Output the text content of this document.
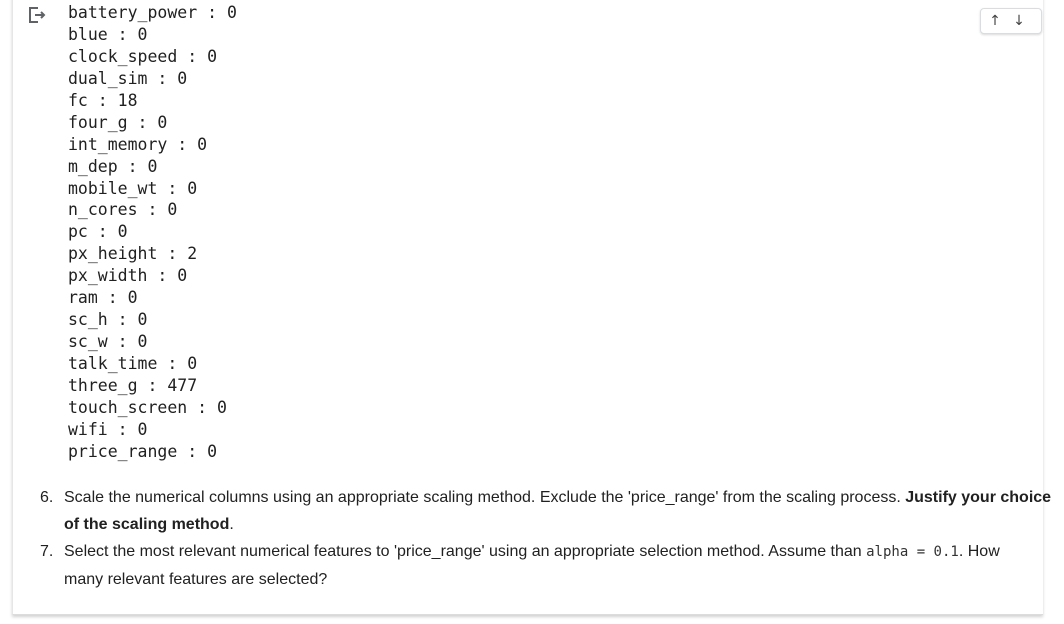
battery_power : 0
blue : 0
clock_speed : 0
dual_sim : 0
fc : 18
four_g : 0
int_memory : 0
m_dep : 0
mobile_wt : 0
n_cores : 0
pc : 0
px_height : 2
px_width : 0
ram : 0
sc_h : 0
sc_w : 0
talk_time : 0
three_g : 477
touch_screen : 0
wifi : 0
price_range : 0
↑ ↓
6. Scale the numerical columns using an appropriate scaling method. Exclude the 'price_range' from the scaling process. Justify your choice
of the scaling method.
7. Select the most relevant numerical features to 'price_range' using an appropriate selection method. Assume than alpha = 0.1. How
many relevant features are selected?
